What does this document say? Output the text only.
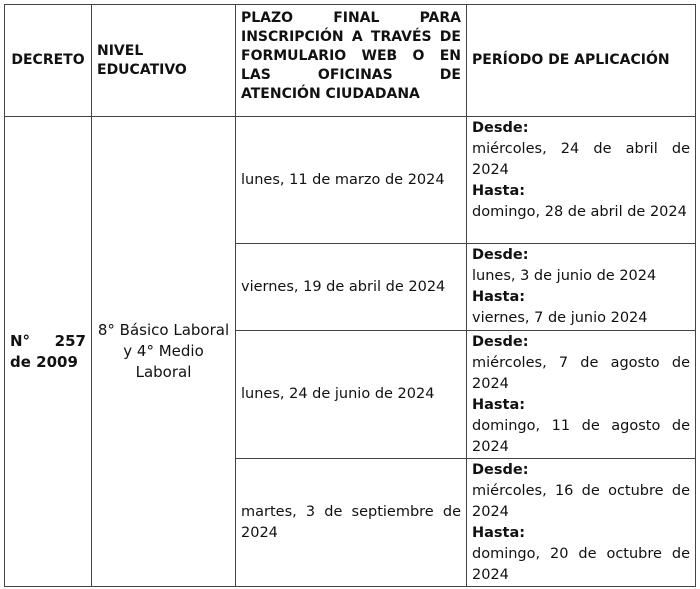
DECRETO	NIVEL EDUCATIVO	PLAZO FINAL PARA INSCRIPCIÓN A TRAVÉS DE FORMULARIO WEB O EN LAS OFICINAS DE ATENCIÓN CIUDADANA	PERÍODO DE APLICACIÓN
N° 257 de 2009	8° Básico Laboral y 4° Medio Laboral	lunes, 11 de marzo de 2024	Desde:
miércoles, 24 de abril de 2024
Hasta:
domingo, 28 de abril de 2024

		viernes, 19 de abril de 2024	Desde:
lunes, 3 de junio de 2024
Hasta:
viernes, 7 de junio 2024

		lunes, 24 de junio de 2024	Desde:
miércoles, 7 de agosto de 2024
Hasta:
domingo, 11 de agosto de 2024

		martes, 3 de septiembre de 2024	Desde:
miércoles, 16 de octubre de 2024
Hasta:
domingo, 20 de octubre de 2024
